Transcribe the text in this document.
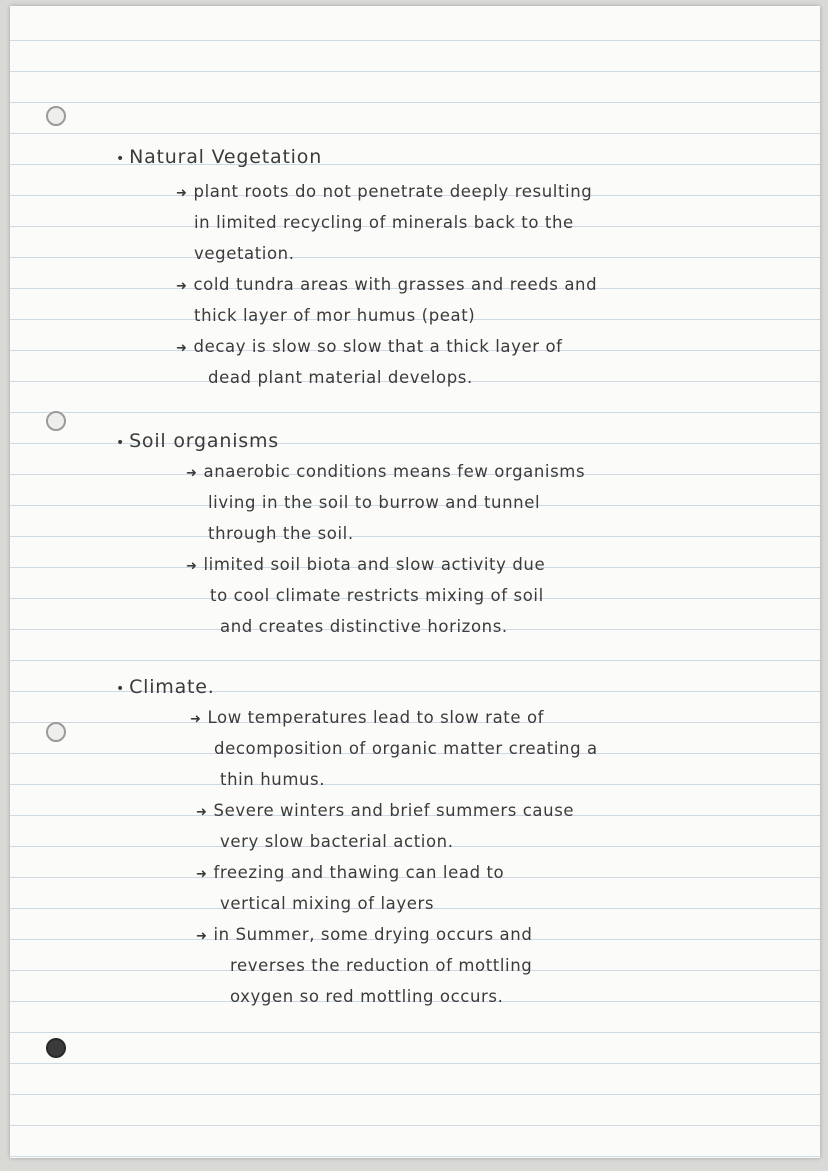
• Natural Vegetation
➜ plant roots do not penetrate deeply resulting
in limited recycling of minerals back to the
vegetation.
➜ cold tundra areas with grasses and reeds and
thick layer of mor humus (peat)
➜ decay is slow so slow that a thick layer of
dead plant material develops.
• Soil organisms
➜ anaerobic conditions means few organisms
living in the soil to burrow and tunnel
through the soil.
➜ limited soil biota and slow activity due
to cool climate restricts mixing of soil
and creates distinctive horizons.
• Climate.
➜ Low temperatures lead to slow rate of
decomposition of organic matter creating a
thin humus.
➜ Severe winters and brief summers cause
very slow bacterial action.
➜ freezing and thawing can lead to
vertical mixing of layers
➜ in Summer, some drying occurs and
reverses the reduction of mottling
oxygen so red mottling occurs.
